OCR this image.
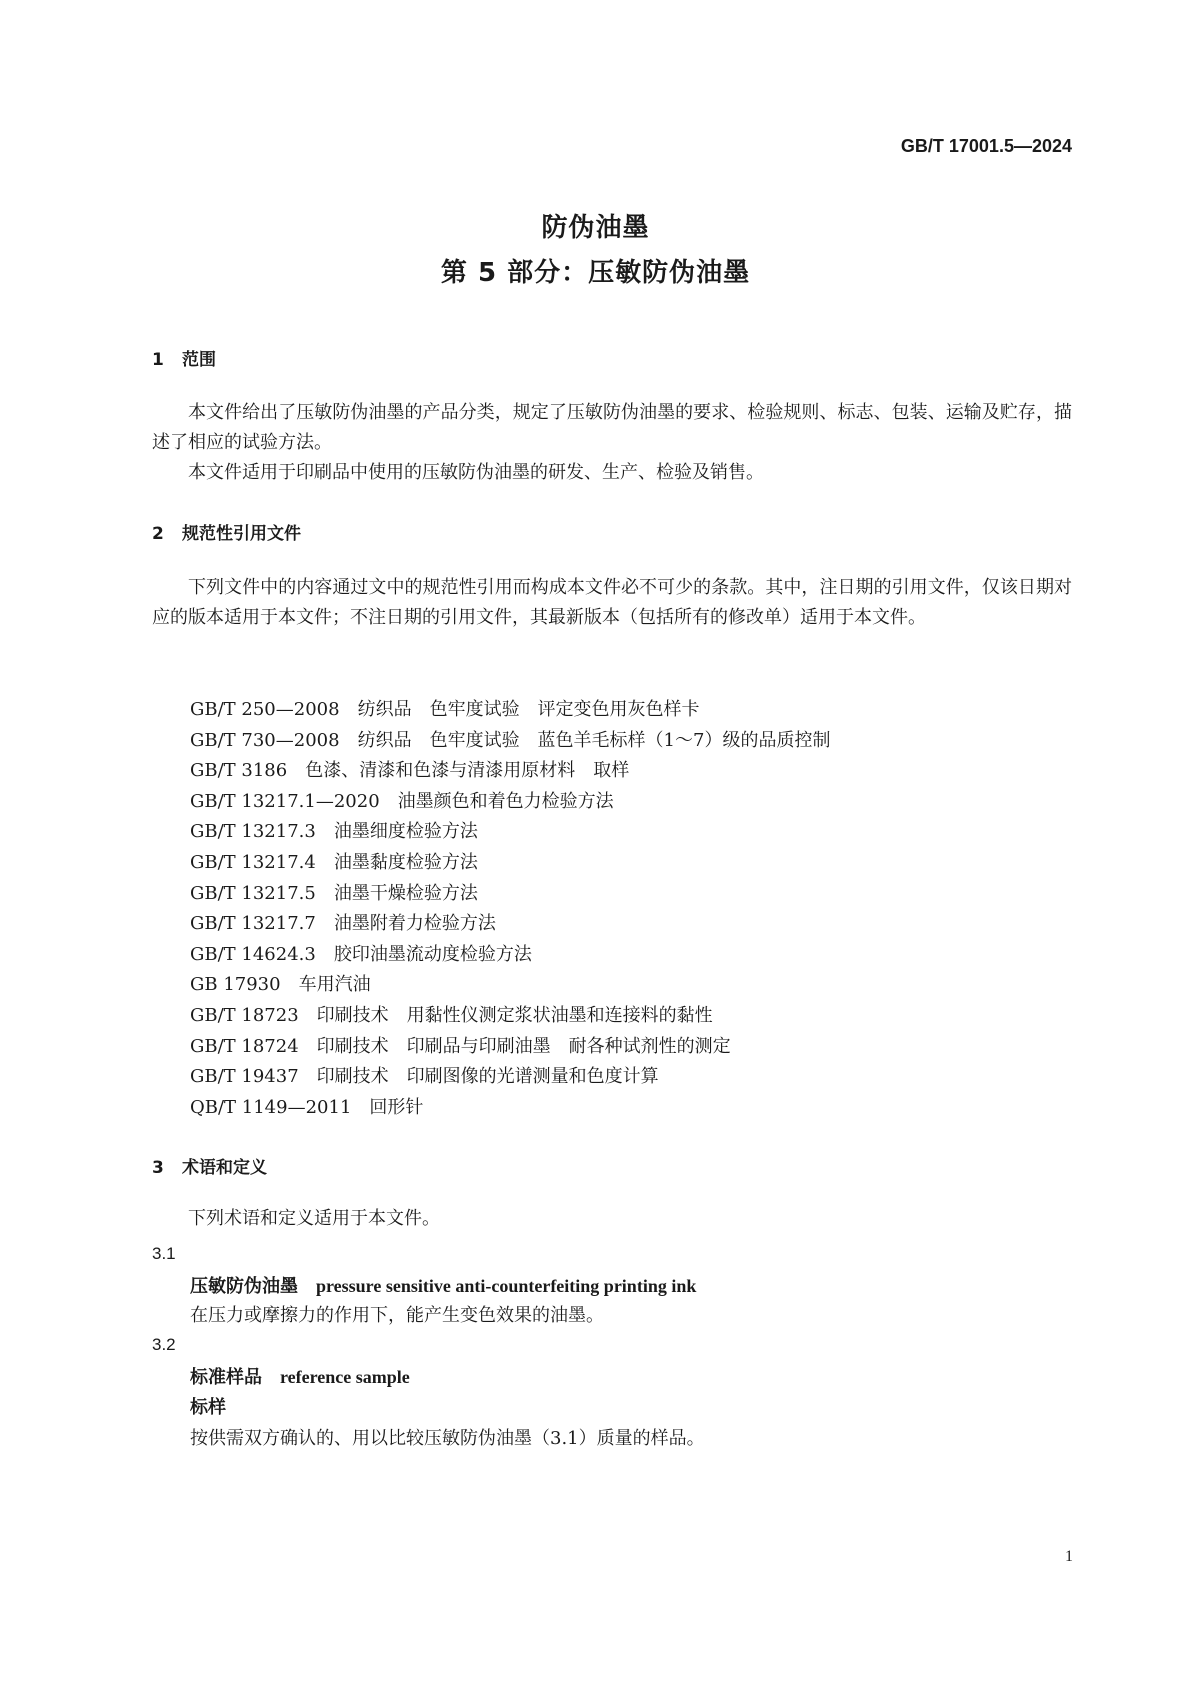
GB/T 17001.5—2024
防伪油墨
第 5 部分：压敏防伪油墨
1 范围
本文件给出了压敏防伪油墨的产品分类，规定了压敏防伪油墨的要求、检验规则、标志、包装、运输及贮存，描述了相应的试验方法。
本文件适用于印刷品中使用的压敏防伪油墨的研发、生产、检验及销售。
2 规范性引用文件
下列文件中的内容通过文中的规范性引用而构成本文件必不可少的条款。其中，注日期的引用文件，仅该日期对应的版本适用于本文件；不注日期的引用文件，其最新版本（包括所有的修改单）适用于本文件。
GB/T 250—2008　纺织品　色牢度试验　评定变色用灰色样卡
GB/T 730—2008　纺织品　色牢度试验　蓝色羊毛标样（1～7）级的品质控制
GB/T 3186　色漆、清漆和色漆与清漆用原材料　取样
GB/T 13217.1—2020　油墨颜色和着色力检验方法
GB/T 13217.3　油墨细度检验方法
GB/T 13217.4　油墨黏度检验方法
GB/T 13217.5　油墨干燥检验方法
GB/T 13217.7　油墨附着力检验方法
GB/T 14624.3　胶印油墨流动度检验方法
GB 17930　车用汽油
GB/T 18723　印刷技术　用黏性仪测定浆状油墨和连接料的黏性
GB/T 18724　印刷技术　印刷品与印刷油墨　耐各种试剂性的测定
GB/T 19437　印刷技术　印刷图像的光谱测量和色度计算
QB/T 1149—2011　回形针
3 术语和定义
下列术语和定义适用于本文件。
3.1
压敏防伪油墨 pressure sensitive anti-counterfeiting printing ink
在压力或摩擦力的作用下，能产生变色效果的油墨。
3.2
标准样品 reference sample
标样
按供需双方确认的、用以比较压敏防伪油墨（3.1）质量的样品。
1
